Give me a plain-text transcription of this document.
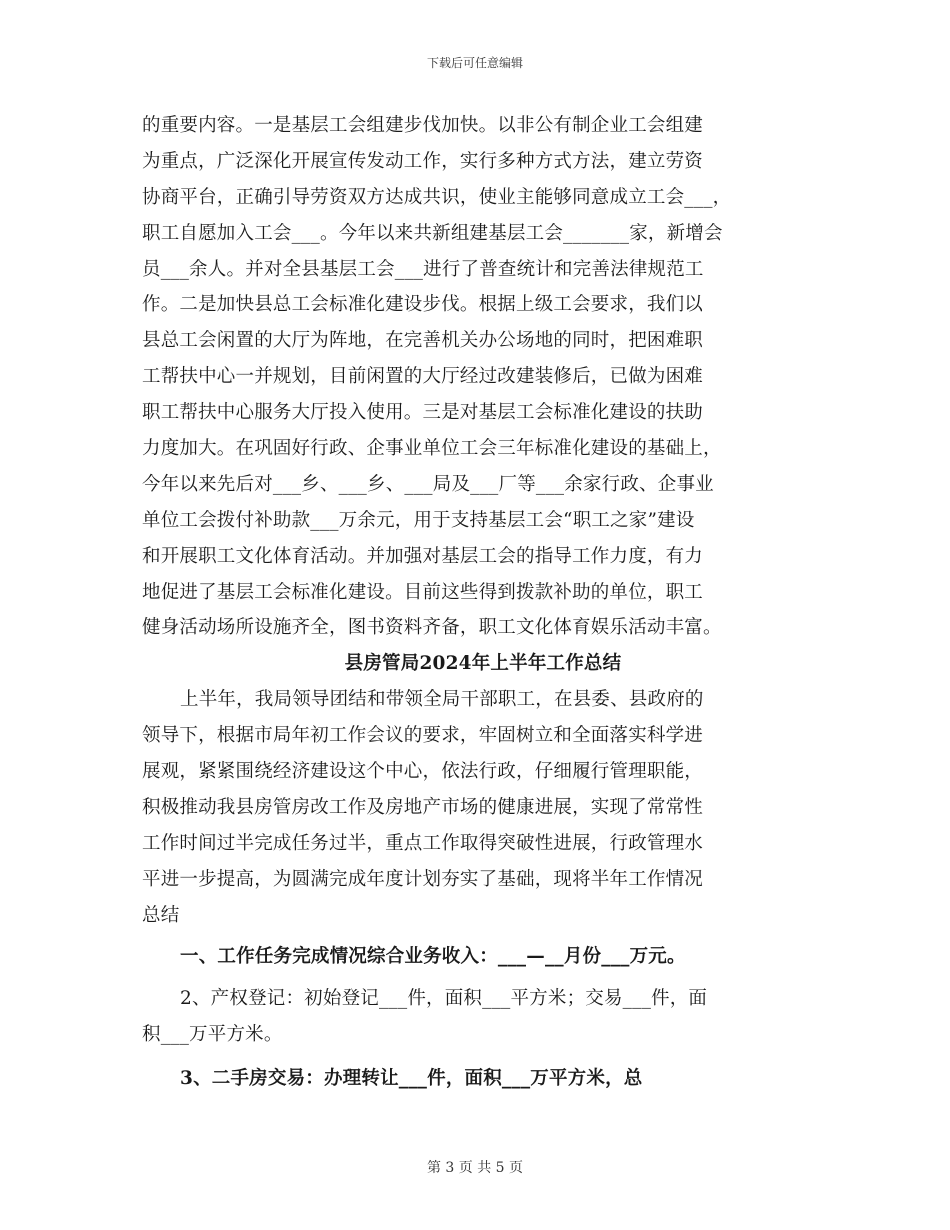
下载后可任意编辑
的重要内容。一是基层工会组建步伐加快。以非公有制企业工会组建
为重点，广泛深化开展宣传发动工作，实行多种方式方法，建立劳资
协商平台，正确引导劳资双方达成共识，使业主能够同意成立工会___，
职工自愿加入工会___。今年以来共新组建基层工会_______家，新增会
员___余人。并对全县基层工会___进行了普查统计和完善法律规范工
作。二是加快县总工会标准化建设步伐。根据上级工会要求，我们以
县总工会闲置的大厅为阵地，在完善机关办公场地的同时，把困难职
工帮扶中心一并规划，目前闲置的大厅经过改建装修后，已做为困难
职工帮扶中心服务大厅投入使用。三是对基层工会标准化建设的扶助
力度加大。在巩固好行政、企事业单位工会三年标准化建设的基础上，
今年以来先后对___乡、___乡、___局及___厂等___余家行政、企事业
单位工会拨付补助款___万余元，用于支持基层工会“职工之家”建设
和开展职工文化体育活动。并加强对基层工会的指导工作力度，有力
地促进了基层工会标准化建设。目前这些得到拨款补助的单位，职工
健身活动场所设施齐全，图书资料齐备，职工文化体育娱乐活动丰富。
县房管局2024年上半年工作总结
上半年，我局领导团结和带领全局干部职工，在县委、县政府的
领导下，根据市局年初工作会议的要求，牢固树立和全面落实科学进
展观，紧紧围绕经济建设这个中心，依法行政，仔细履行管理职能，
积极推动我县房管房改工作及房地产市场的健康进展，实现了常常性
工作时间过半完成任务过半，重点工作取得突破性进展，行政管理水
平进一步提高，为圆满完成年度计划夯实了基础，现将半年工作情况
总结
一、工作任务完成情况综合业务收入：___—__月份___万元。
2、产权登记：初始登记___件，面积___平方米；交易___件，面
积___万平方米。
3、二手房交易：办理转让___件，面积___万平方米，总
第 3 页 共 5 页
